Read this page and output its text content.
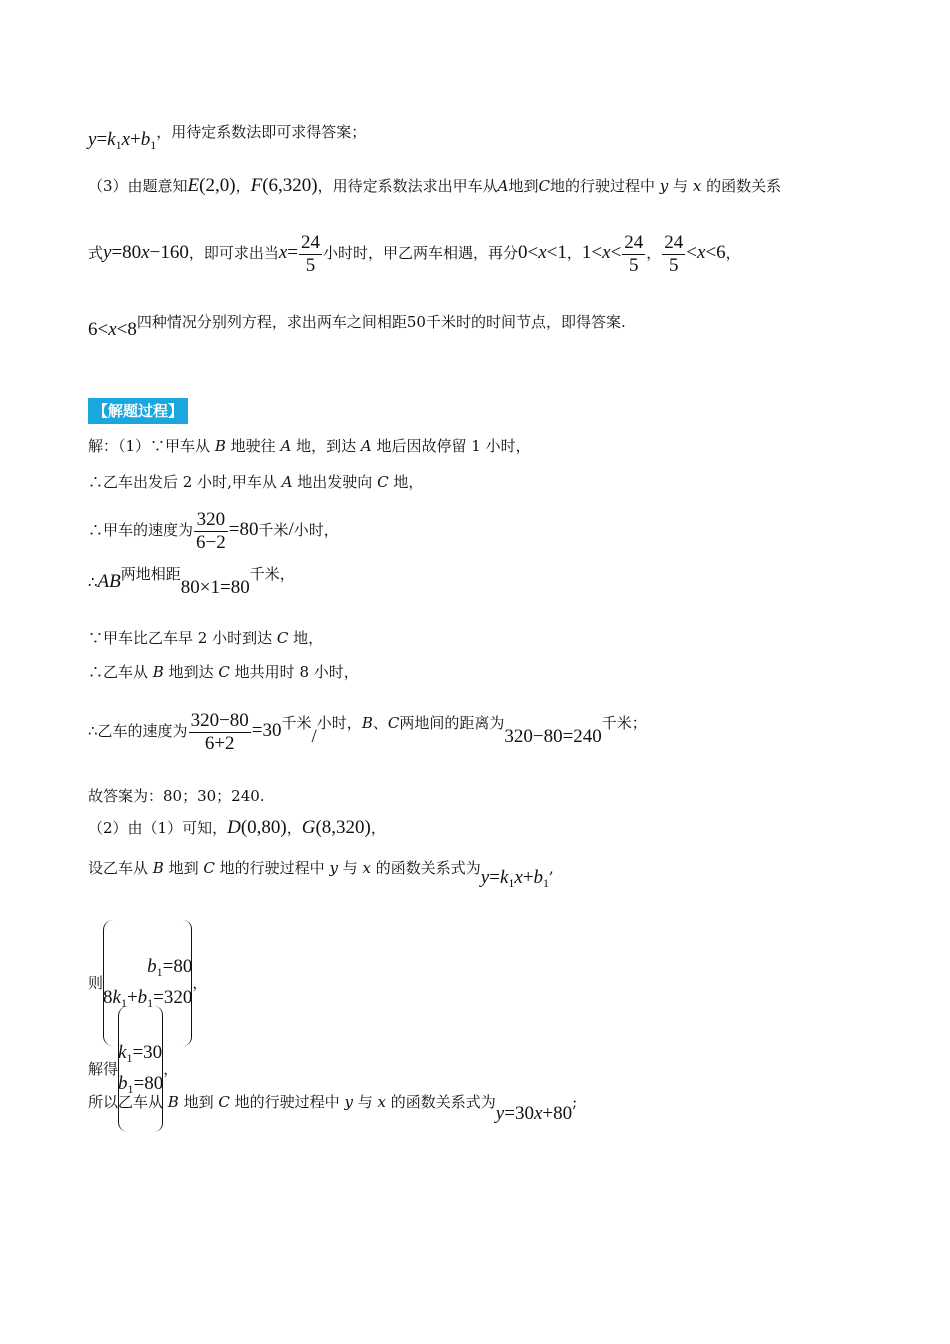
$y=k_1x+b_1$，用待定系数法即可求得答案；
（3）由题意知E(2,0)，F(6,320)，用待定系数法求出甲车从A地到C地的行驶过程中 y 与 x 的函数关系
式y=80x−160，即可求出当$x= \frac{24}{5}$ 小时时，甲乙两车相遇，再分0<x<1，$1<x< \frac{24}{5}$ ， $\frac{24}{5} <x<6$，
6<x<8四种情况分别列方程，求出两车之间相距50千米时的时间节点，即得答案.
【解题过程】
解：（1）∵甲车从 B 地驶往 A 地，到达 A 地后因故停留 1 小时，
∴乙车出发后 2 小时,甲车从 A 地出发驶向 C 地，
∴甲车的速度为 $\frac{320}{6-2} =80$千米/小时，
∴AB两地相距80×1=80千米，
∵甲车比乙车早 2 小时到达 C 地，
∴乙车从 B 地到达 C 地共用时 8 小时，
∴乙车的速度为 $\frac{320-80}{6+2} =30$千米/小时，B、C两地间的距离为320−80=240千米；
故答案为：80；30；240.
（2）由（1）可知，D(0,80)，G(8,320)，
设乙车从 B 地到 C 地的行驶过程中 y 与 x 的函数关系式为$y=k_1x+b_1$,
则
$b_1=80$
$8k_1+b_1=320$
，
解得
$k_1=30$
$b_1=80$
，
所以乙车从 B 地到 C 地的行驶过程中 y 与 x 的函数关系式为y=30x+80;
